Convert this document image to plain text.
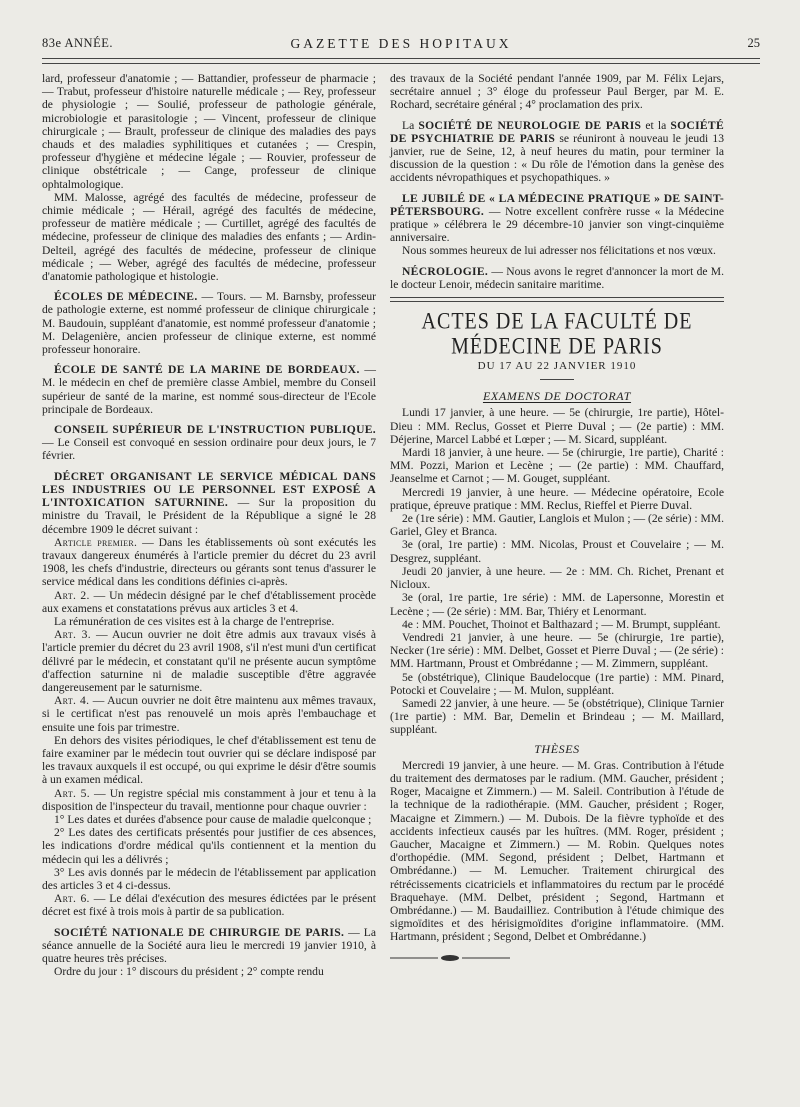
83e ANNÉE.	GAZETTE DES HOPITAUX	25

lard, professeur d'anatomie ; — Battandier, professeur de pharmacie ; — Trabut, professeur d'histoire naturelle médicale ; — Rey, professeur de physiologie ; — Soulié, professeur de pathologie générale, microbiologie et parasitologie ; — Vincent, professeur de clinique chirurgicale ; — Brault, professeur de clinique des maladies des pays chauds et des maladies syphilitiques et cutanées ; — Crespin, professeur d'hygiène et médecine légale ; — Rouvier, professeur de clinique obstétricale ; — Cange, professeur de clinique ophtalmologique.

MM. Malosse, agrégé des facultés de médecine, professeur de chimie médicale ; — Hérail, agrégé des facultés de médecine, professeur de matière médicale ; — Curtillet, agrégé des facultés de médecine, professeur de clinique des maladies des enfants ; — Ardin-Delteil, agrégé des facultés de médecine, professeur de clinique médicale ; — Weber, agrégé des facultés de médecine, professeur d'anatomie pathologique et histologie.

ÉCOLES DE MÉDECINE. — Tours. — M. Barnsby, professeur de pathologie externe, est nommé professeur de clinique chirurgicale ; M. Baudouin, suppléant d'anatomie, est nommé professeur d'anatomie ; M. Delagenière, ancien professeur de clinique externe, est nommé professeur honoraire.

ÉCOLE DE SANTÉ DE LA MARINE DE BORDEAUX. — M. le médecin en chef de première classe Ambiel, membre du Conseil supérieur de santé de la marine, est nommé sous-directeur de l'Ecole principale de Bordeaux.

CONSEIL SUPÉRIEUR DE L'INSTRUCTION PUBLIQUE. — Le Conseil est convoqué en session ordinaire pour deux jours, le 7 février.

DÉCRET ORGANISANT LE SERVICE MÉDICAL DANS LES INDUSTRIES OU LE PERSONNEL EST EXPOSÉ A L'INTOXICATION SATURNINE. — Sur la proposition du ministre du Travail, le Président de la République a signé le 28 décembre 1909 le décret suivant :

Article premier. — Dans les établissements où sont exécutés les travaux dangereux énumérés à l'article premier du décret du 23 avril 1908, les chefs d'industrie, directeurs ou gérants sont tenus d'assurer le service médical dans les conditions définies ci-après.

Art. 2. — Un médecin désigné par le chef d'établissement procède aux examens et constatations prévus aux articles 3 et 4.

La rémunération de ces visites est à la charge de l'entreprise.

Art. 3. — Aucun ouvrier ne doit être admis aux travaux visés à l'article premier du décret du 23 avril 1908, s'il n'est muni d'un certificat délivré par le médecin, et constatant qu'il ne présente aucun symptôme d'affection saturnine ni de maladie susceptible d'être aggravée dangereusement par le saturnisme.

Art. 4. — Aucun ouvrier ne doit être maintenu aux mêmes travaux, si le certificat n'est pas renouvelé un mois après l'embauchage et ensuite une fois par trimestre.

En dehors des visites périodiques, le chef d'établissement est tenu de faire examiner par le médecin tout ouvrier qui se déclare indisposé par les travaux auxquels il est occupé, ou qui exprime le désir d'être soumis à un examen médical.

Art. 5. — Un registre spécial mis constamment à jour et tenu à la disposition de l'inspecteur du travail, mentionne pour chaque ouvrier :

1° Les dates et durées d'absence pour cause de maladie quelconque ;

2° Les dates des certificats présentés pour justifier de ces absences, les indications d'ordre médical qu'ils contiennent et la mention du médecin qui les a délivrés ;

3° Les avis donnés par le médecin de l'établissement par application des articles 3 et 4 ci-dessus.

Art. 6. — Le délai d'exécution des mesures édictées par le présent décret est fixé à trois mois à partir de sa publication.

SOCIÉTÉ NATIONALE DE CHIRURGIE DE PARIS. — La séance annuelle de la Société aura lieu le mercredi 19 janvier 1910, à quatre heures très précises.

Ordre du jour : 1° discours du président ; 2° compte rendu

des travaux de la Société pendant l'année 1909, par M. Félix Lejars, secrétaire annuel ; 3° éloge du professeur Paul Berger, par M. E. Rochard, secrétaire général ; 4° proclamation des prix.

La SOCIÉTÉ DE NEUROLOGIE DE PARIS et la SOCIÉTÉ DE PSYCHIATRIE DE PARIS se réuniront à nouveau le jeudi 13 janvier, rue de Seine, 12, à neuf heures du matin, pour terminer la discussion de la question : « Du rôle de l'émotion dans la genèse des accidents névropathiques et psychopathiques. »

LE JUBILÉ DE « LA MÉDECINE PRATIQUE » DE SAINT-PÉTERSBOURG. — Notre excellent confrère russe « la Médecine pratique » célébrera le 29 décembre-10 janvier son vingt-cinquième anniversaire.

Nous sommes heureux de lui adresser nos félicitations et nos vœux.

NÉCROLOGIE. — Nous avons le regret d'annoncer la mort de M. le docteur Lenoir, médecin sanitaire maritime.

ACTES DE LA FACULTÉ DE MÉDECINE DE PARIS
DU 17 AU 22 JANVIER 1910
EXAMENS DE DOCTORAT

Lundi 17 janvier, à une heure. — 5e (chirurgie, 1re partie), Hôtel-Dieu : MM. Reclus, Gosset et Pierre Duval ; — (2e partie) : MM. Déjerine, Marcel Labbé et Lœper ; — M. Sicard, suppléant.

Mardi 18 janvier, à une heure. — 5e (chirurgie, 1re partie), Charité : MM. Pozzi, Marion et Lecène ; — (2e partie) : MM. Chauffard, Jeanselme et Carnot ; — M. Gouget, suppléant.

Mercredi 19 janvier, à une heure. — Médecine opératoire, Ecole pratique, épreuve pratique : MM. Reclus, Rieffel et Pierre Duval.

2e (1re série) : MM. Gautier, Langlois et Mulon ; — (2e série) : MM. Gariel, Gley et Branca.

3e (oral, 1re partie) : MM. Nicolas, Proust et Couvelaire ; — M. Desgrez, suppléant.

Jeudi 20 janvier, à une heure. — 2e : MM. Ch. Richet, Prenant et Nicloux.

3e (oral, 1re partie, 1re série) : MM. de Lapersonne, Morestin et Lecène ; — (2e série) : MM. Bar, Thiéry et Lenormant.

4e : MM. Pouchet, Thoinot et Balthazard ; — M. Brumpt, suppléant.

Vendredi 21 janvier, à une heure. — 5e (chirurgie, 1re partie), Necker (1re série) : MM. Delbet, Gosset et Pierre Duval ; — (2e série) : MM. Hartmann, Proust et Ombrédanne ; — M. Zimmern, suppléant.

5e (obstétrique), Clinique Baudelocque (1re partie) : MM. Pinard, Potocki et Couvelaire ; — M. Mulon, suppléant.

Samedi 22 janvier, à une heure. — 5e (obstétrique), Clinique Tarnier (1re partie) : MM. Bar, Demelin et Brindeau ; — M. Maillard, suppléant.

THÈSES

Mercredi 19 janvier, à une heure. — M. Gras. Contribution à l'étude du traitement des dermatoses par le radium. (MM. Gaucher, président ; Roger, Macaigne et Zimmern.) — M. Saleil. Contribution à l'étude de la technique de la radiothérapie. (MM. Gaucher, président ; Roger, Macaigne et Zimmern.) — M. Dubois. De la fièvre typhoïde et des accidents infectieux causés par les huîtres. (MM. Roger, président ; Gaucher, Macaigne et Zimmern.) — M. Robin. Quelques notes d'orthopédie. (MM. Segond, président ; Delbet, Hartmann et Ombrédanne.) — M. Lemucher. Traitement chirurgical des rétrécissements cicatriciels et inflammatoires du rectum par le procédé Braquehaye. (MM. Delbet, président ; Segond, Hartmann et Ombrédanne.) — M. Baudailliez. Contribution à l'étude chimique des sigmoïdites et des hérisigmoïdites d'origine inflammatoire. (MM. Hartmann, président ; Segond, Delbet et Ombrédanne.)
